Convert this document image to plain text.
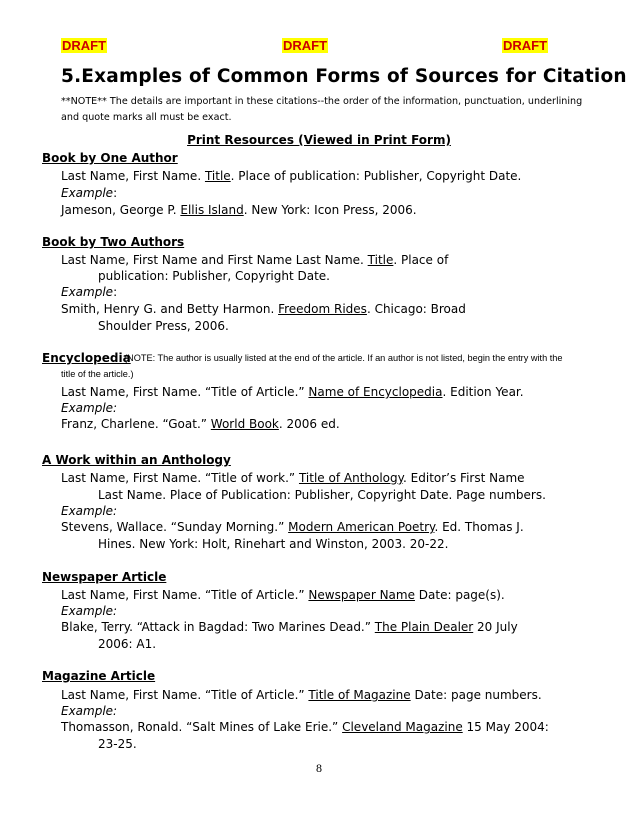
DRAFT	DRAFT	DRAFT
5.Examples of Common Forms of Sources for Citation
**NOTE** The details are important in these citations--the order of the information, punctuation, underlining
and quote marks all must be exact.
Print Resources (Viewed in Print Form)
Book by One Author
Last Name, First Name. Title. Place of publication: Publisher, Copyright Date.
Example:
Jameson, George P. Ellis Island. New York: Icon Press, 2006.
Book by Two Authors
Last Name, First Name and First Name Last Name. Title. Place of
publication: Publisher, Copyright Date.
Example:
Smith, Henry G. and Betty Harmon. Freedom Rides. Chicago: Broad
Shoulder Press, 2006.
Encyclopedia
(NOTE: The author is usually listed at the end of the article. If an author is not listed, begin the entry with the
title of the article.)
Last Name, First Name. “Title of Article.” Name of Encyclopedia. Edition Year.
Example:
Franz, Charlene. “Goat.” World Book. 2006 ed.
A Work within an Anthology
Last Name, First Name. “Title of work.” Title of Anthology. Editor’s First Name
Last Name. Place of Publication: Publisher, Copyright Date. Page numbers.
Example:
Stevens, Wallace. “Sunday Morning.” Modern American Poetry. Ed. Thomas J.
Hines. New York: Holt, Rinehart and Winston, 2003. 20-22.
Newspaper Article
Last Name, First Name. “Title of Article.” Newspaper Name Date: page(s).
Example:
Blake, Terry. “Attack in Bagdad: Two Marines Dead.” The Plain Dealer 20 July
2006: A1.
Magazine Article
Last Name, First Name. “Title of Article.” Title of Magazine Date: page numbers.
Example:
Thomasson, Ronald. “Salt Mines of Lake Erie.” Cleveland Magazine 15 May 2004:
23-25.
8
